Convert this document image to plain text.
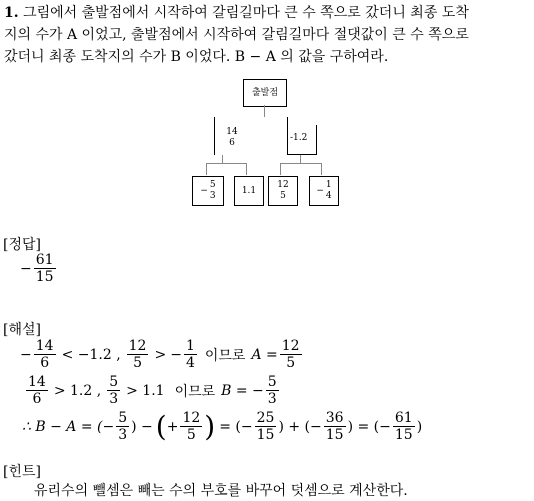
1. 그림에서 출발점에서 시작하여 갈림길마다 큰 수 쪽으로 갔더니 최종 도착
지의 수가 A 이었고, 출발점에서 시작하여 갈림길마다 절댓값이 큰 수 쪽으로
갔더니 최종 도착지의 수가 B 이었다. B − A 의 값을 구하여라.
출발점
14
6	-1.2
−
5
3
1.1
12
5
−
1
4
[정답]
− $\frac{61}{15}$
[해설]
− $\frac{14}{6} < -1.2$ , $\frac{12}{5}$ > − $\frac{1}{4}$ 이므로 $A = \frac{12}{5}$
$\frac{14}{6} > 1.2$ , $\frac{5}{3} > 1.1$ 이므로 B = − $\frac{5}{3}$
∴ B − A = (− $\frac{5}{3}$ ) − ( + $\frac{12}{5}$ ) = (− $\frac{25}{15}$ ) + (− $\frac{36}{15}$ ) = (− $\frac{61}{15}$ )
[힌트]
유리수의 뺄셈은 빼는 수의 부호를 바꾸어 덧셈으로 계산한다.
